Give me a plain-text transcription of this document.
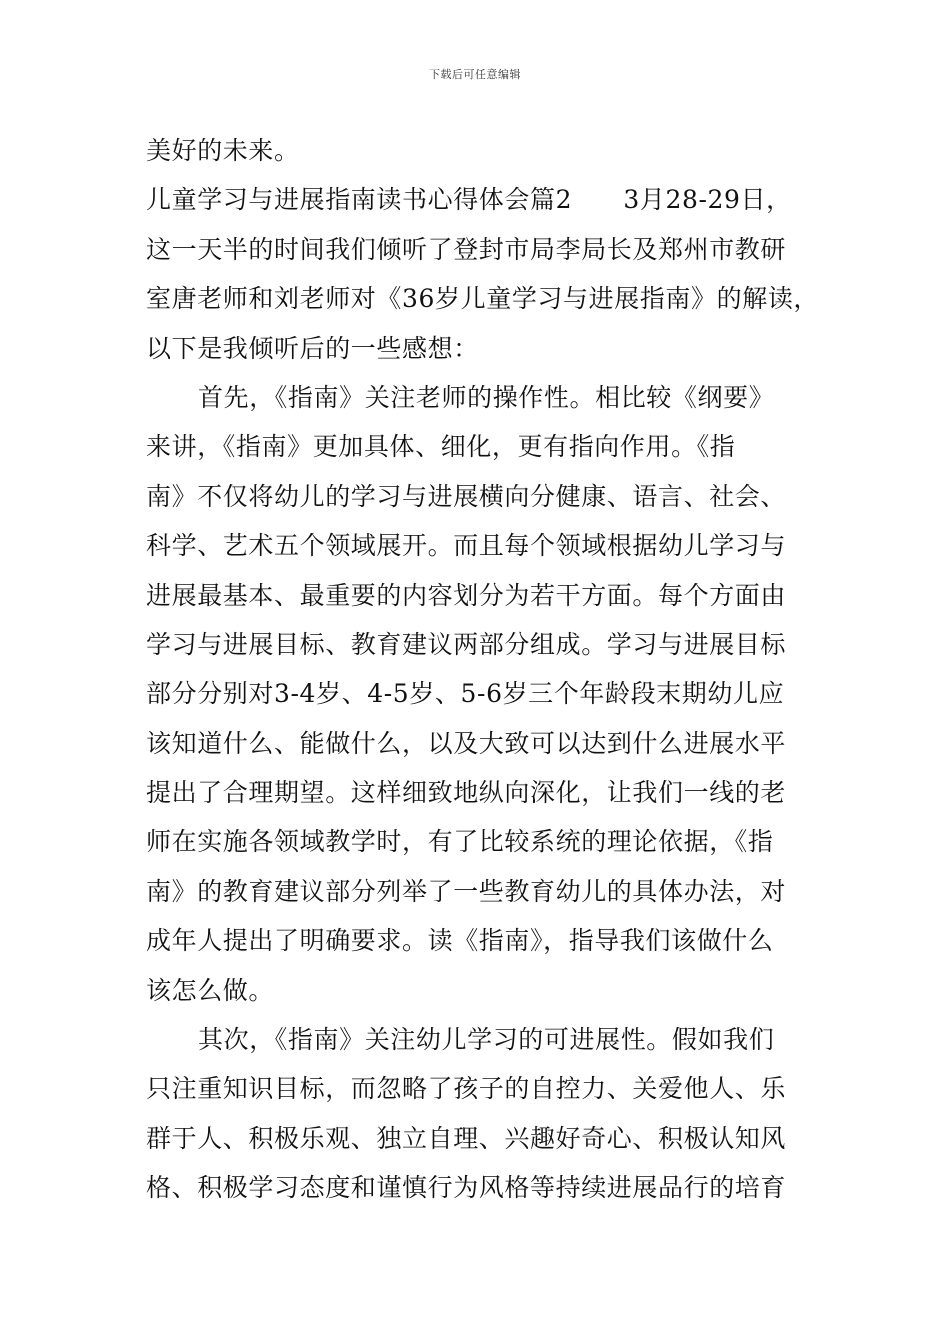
下载后可任意编辑
美好的未来。
儿童学习与进展指南读书心得体会篇2      3月28-29日，
这一天半的时间我们倾听了登封市局李局长及郑州市教研
室唐老师和刘老师对《36岁儿童学习与进展指南》的解读，
以下是我倾听后的一些感想：
首先，《指南》关注老师的操作性。相比较《纲要》
来讲，《指南》更加具体、细化，更有指向作用。《指
南》不仅将幼儿的学习与进展横向分健康、语言、社会、
科学、艺术五个领域展开。而且每个领域根据幼儿学习与
进展最基本、最重要的内容划分为若干方面。每个方面由
学习与进展目标、教育建议两部分组成。学习与进展目标
部分分别对3-4岁、4-5岁、5-6岁三个年龄段末期幼儿应
该知道什么、能做什么，以及大致可以达到什么进展水平
提出了合理期望。这样细致地纵向深化，让我们一线的老
师在实施各领域教学时，有了比较系统的理论依据，《指
南》的教育建议部分列举了一些教育幼儿的具体办法，对
成年人提出了明确要求。读《指南》，指导我们该做什么
该怎么做。
其次，《指南》关注幼儿学习的可进展性。假如我们
只注重知识目标，而忽略了孩子的自控力、关爱他人、乐
群于人、积极乐观、独立自理、兴趣好奇心、积极认知风
格、积极学习态度和谨慎行为风格等持续进展品行的培育
